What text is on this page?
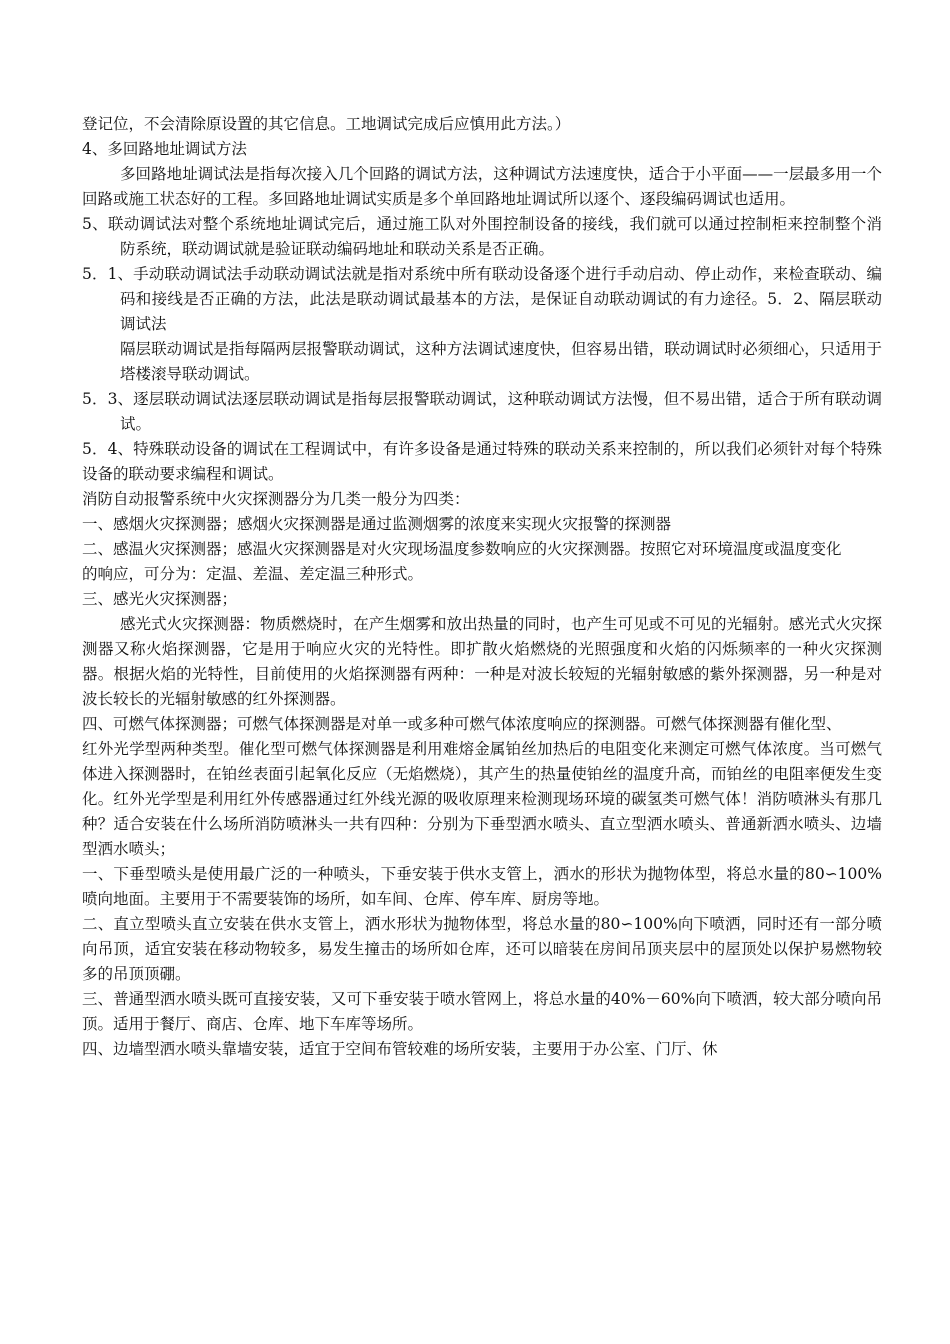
登记位，不会清除原设置的其它信息。工地调试完成后应慎用此方法。）

4、多回路地址调试方法

多回路地址调试法是指每次接入几个回路的调试方法，这种调试方法速度快，适合于小平面——一层最多用一个回路或施工状态好的工程。多回路地址调试实质是多个单回路地址调试所以逐个、逐段编码调试也适用。

5、联动调试法对整个系统地址调试完后，通过施工队对外围控制设备的接线，我们就可以通过控制柜来控制整个消防系统，联动调试就是验证联动编码地址和联动关系是否正确。

5．1、手动联动调试法手动联动调试法就是指对系统中所有联动设备逐个进行手动启动、停止动作，来检查联动、编码和接线是否正确的方法，此法是联动调试最基本的方法，是保证自动联动调试的有力途径。5．2、隔层联动调试法

隔层联动调试是指每隔两层报警联动调试，这种方法调试速度快，但容易出错，联动调试时必须细心，只适用于塔楼滚导联动调试。

5．3、逐层联动调试法逐层联动调试是指每层报警联动调试，这种联动调试方法慢，但不易出错，适合于所有联动调试。

5．4、特殊联动设备的调试在工程调试中，有许多设备是通过特殊的联动关系来控制的，所以我们必须针对每个特殊设备的联动要求编程和调试。

消防自动报警系统中火灾探测器分为几类一般分为四类：

一、感烟火灾探测器；感烟火灾探测器是通过监测烟雾的浓度来实现火灾报警的探测器

二、感温火灾探测器；感温火灾探测器是对火灾现场温度参数响应的火灾探测器。按照它对环境温度或温度变化

的响应，可分为：定温、差温、差定温三种形式。

三、感光火灾探测器；

感光式火灾探测器：物质燃烧时，在产生烟雾和放出热量的同时，也产生可见或不可见的光辐射。感光式火灾探测器又称火焰探测器，它是用于响应火灾的光特性。即扩散火焰燃烧的光照强度和火焰的闪烁频率的一种火灾探测器。根据火焰的光特性，目前使用的火焰探测器有两种：一种是对波长较短的光辐射敏感的紫外探测器，另一种是对波长较长的光辐射敏感的红外探测器。

四、可燃气体探测器；可燃气体探测器是对单一或多种可燃气体浓度响应的探测器。可燃气体探测器有催化型、

红外光学型两种类型。催化型可燃气体探测器是利用难熔金属铂丝加热后的电阻变化来测定可燃气体浓度。当可燃气体进入探测器时，在铂丝表面引起氧化反应（无焰燃烧），其产生的热量使铂丝的温度升高，而铂丝的电阻率便发生变化。红外光学型是利用红外传感器通过红外线光源的吸收原理来检测现场环境的碳氢类可燃气体！消防喷淋头有那几种？适合安装在什么场所消防喷淋头一共有四种：分别为下垂型洒水喷头、直立型洒水喷头、普通新洒水喷头、边墙型洒水喷头；

一、下垂型喷头是使用最广泛的一种喷头，下垂安装于供水支管上，洒水的形状为抛物体型，将总水量的80∽100%喷向地面。主要用于不需要装饰的场所，如车间、仓库、停车库、厨房等地。

二、直立型喷头直立安装在供水支管上，洒水形状为抛物体型，将总水量的80∽100%向下喷洒，同时还有一部分喷向吊顶，适宜安装在移动物较多，易发生撞击的场所如仓库，还可以暗装在房间吊顶夹层中的屋顶处以保护易燃物较多的吊顶顶硼。

三、普通型洒水喷头既可直接安装，又可下垂安装于喷水管网上，将总水量的40%－60%向下喷洒，较大部分喷向吊顶。适用于餐厅、商店、仓库、地下车库等场所。

四、边墙型洒水喷头靠墙安装，适宜于空间布管较难的场所安装，主要用于办公室、门厅、休
